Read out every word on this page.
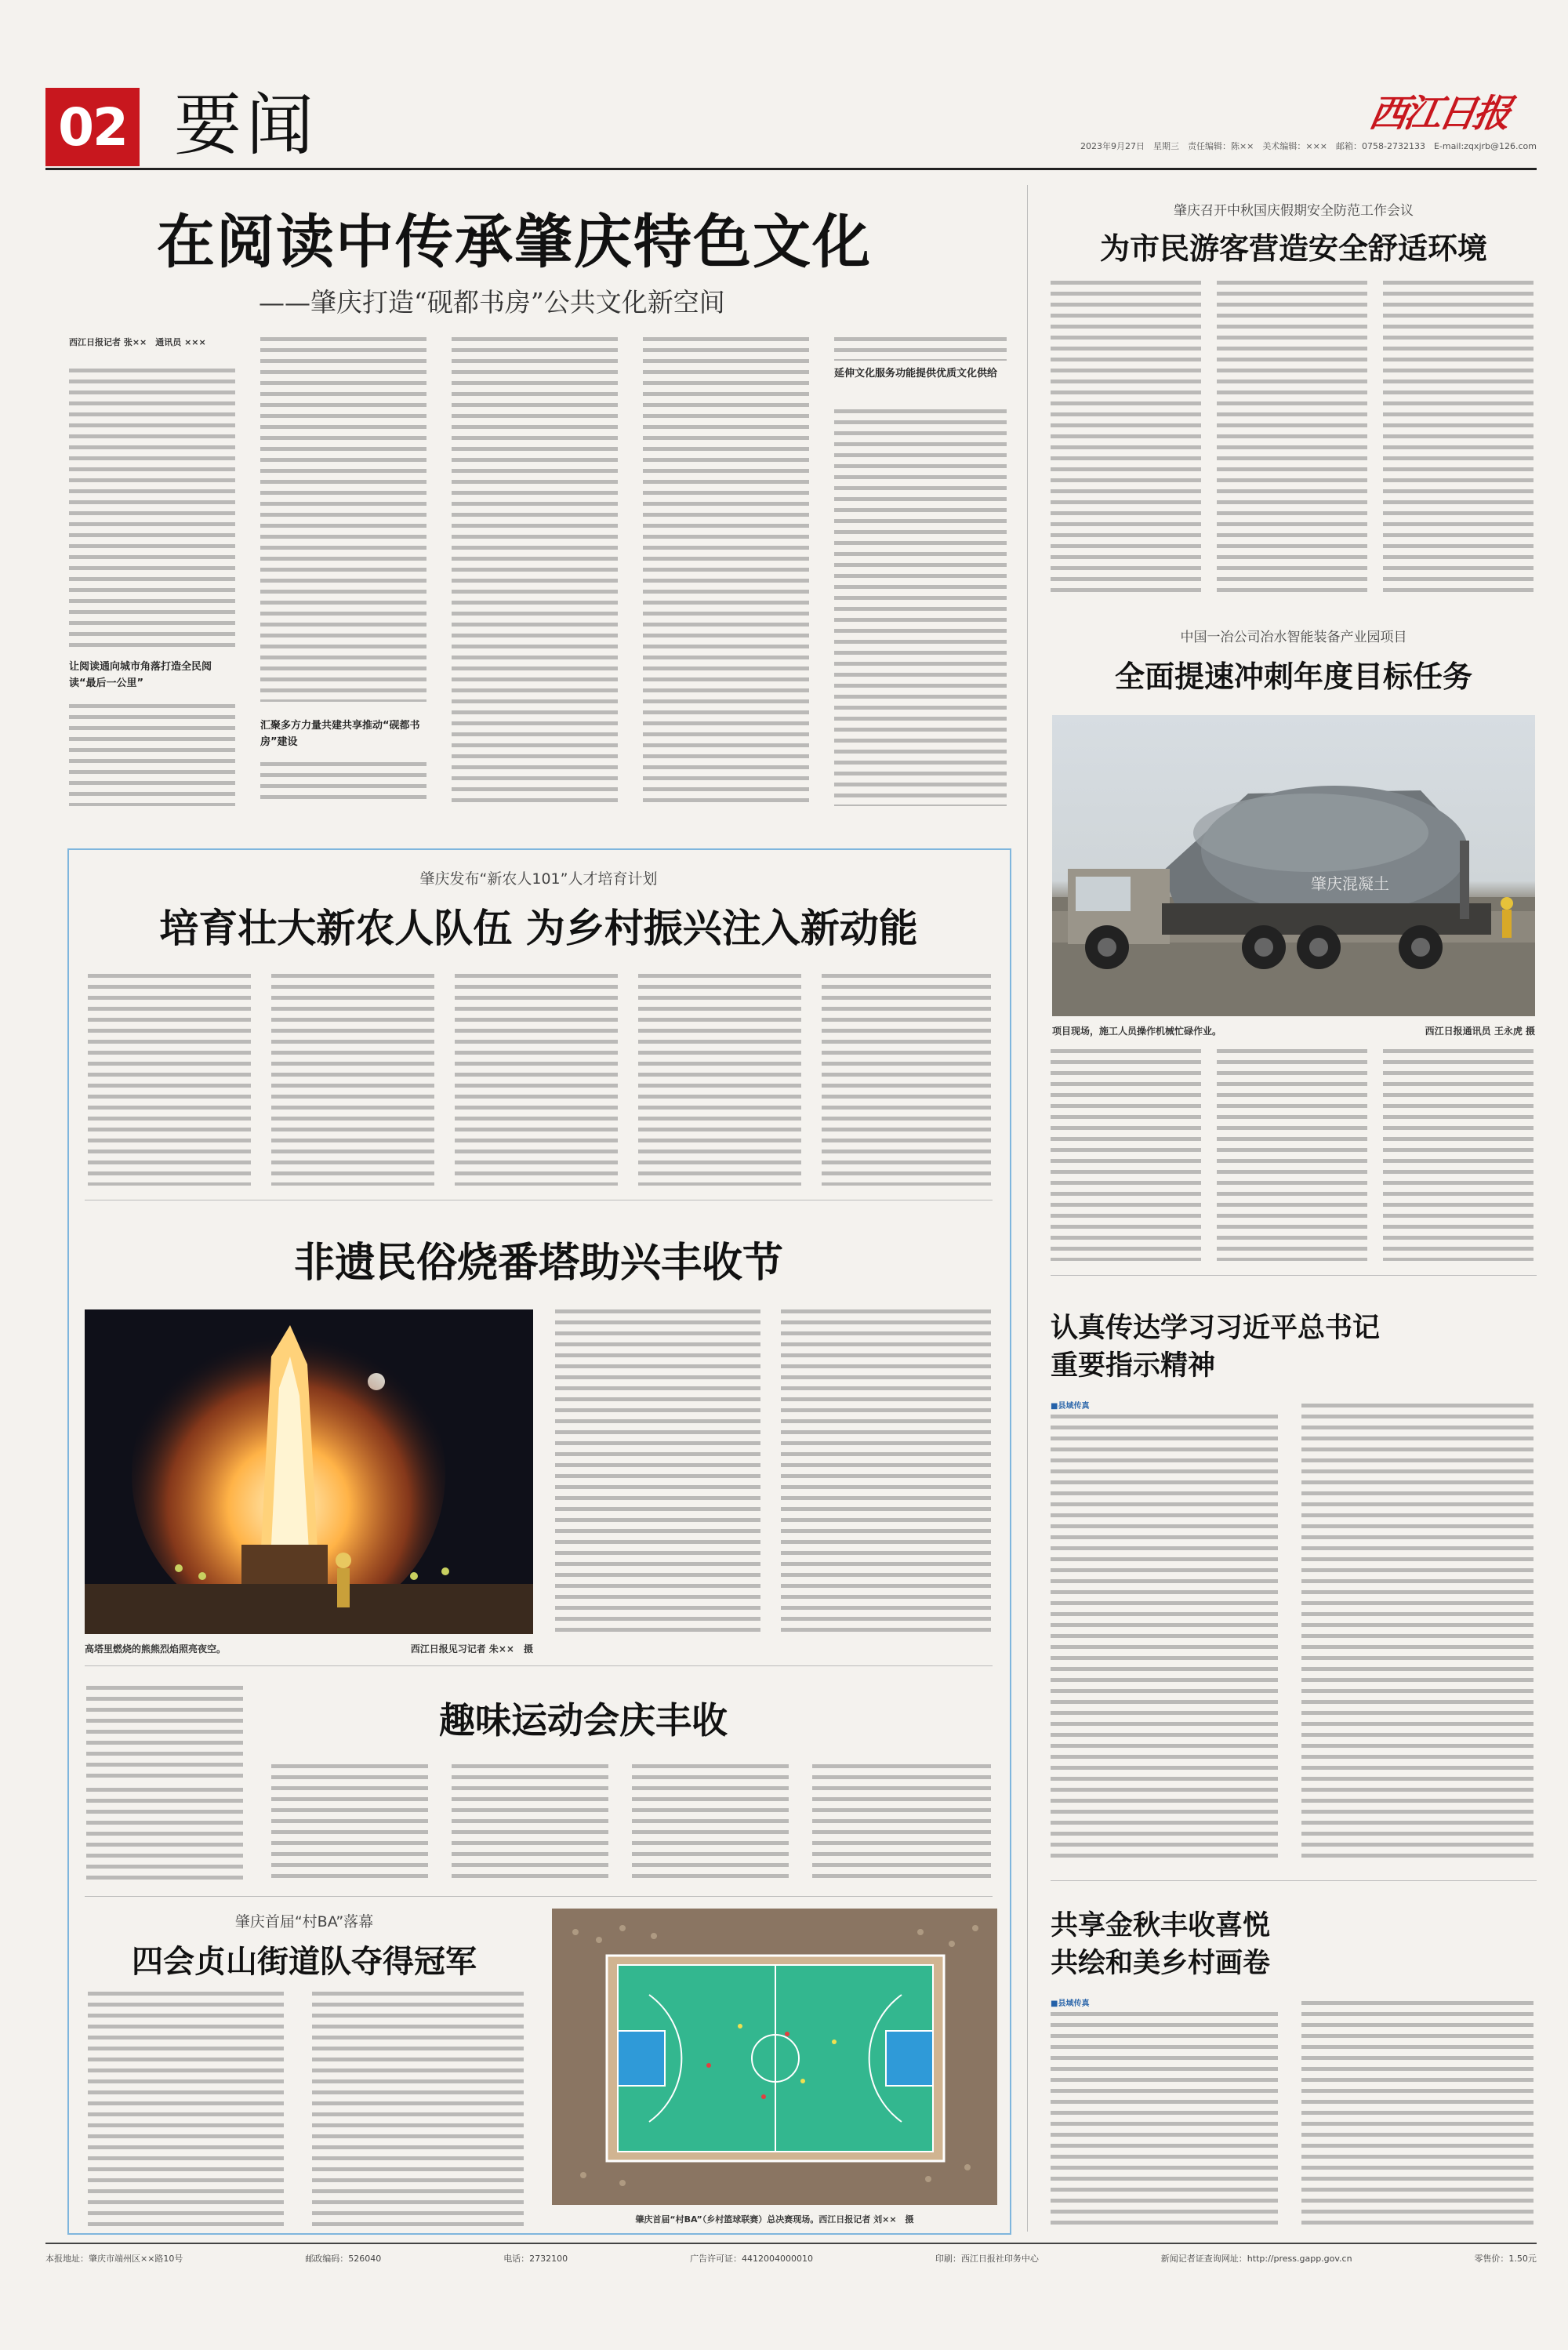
02 要闻	西江日报
2023年9月27日　星期三　责任编辑：陈××　美术编辑：×××　邮箱：0758-2732133　E-mail:zqxjrb@126.com
在阅读中传承肇庆特色文化
——肇庆打造“砚都书房”公共文化新空间
西江日报记者 张××　通讯员 ×××
让阅读通向城市角落打造全民阅读“最后一公里”
汇聚多方力量共建共享推动“砚都书房”建设
延伸文化服务功能提供优质文化供给
肇庆召开中秋国庆假期安全防范工作会议
为市民游客营造安全舒适环境
中国一冶公司冶水智能装备产业园项目
全面提速冲刺年度目标任务
肇庆混凝土
项目现场，施工人员操作机械忙碌作业。	西江日报通讯员 王永虎 摄
认真传达学习习近平总书记
重要指示精神
■县域传真
共享金秋丰收喜悦
共绘和美乡村画卷
■县域传真
肇庆发布“新农人101”人才培育计划
培育壮大新农人队伍 为乡村振兴注入新动能
非遗民俗烧番塔助兴丰收节
高塔里燃烧的熊熊烈焰照亮夜空。	西江日报见习记者 朱××　摄
趣味运动会庆丰收
肇庆首届“村BA”落幕
四会贞山街道队夺得冠军
肇庆首届“村BA”（乡村篮球联赛）总决赛现场。西江日报记者 刘××　摄
本报地址：肇庆市端州区××路10号	邮政编码：526040	电话：2732100	广告许可证：4412004000010	印刷：西江日报社印务中心	新闻记者证查询网址：http://press.gapp.gov.cn	零售价：1.50元
